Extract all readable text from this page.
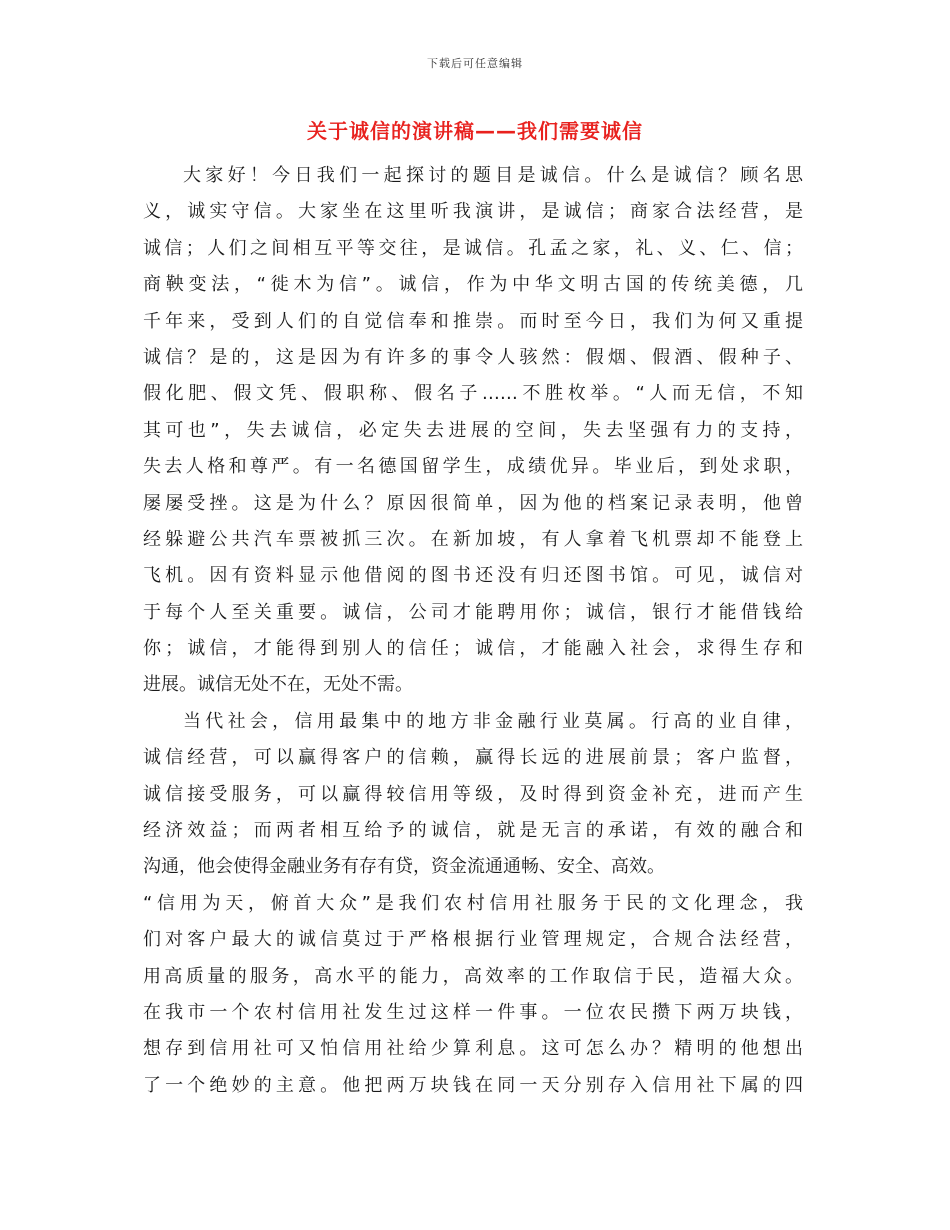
下载后可任意编辑
关于诚信的演讲稿——我们需要诚信
大家好！今日我们一起探讨的题目是诚信。什么是诚信？顾名思
义，诚实守信。大家坐在这里听我演讲，是诚信；商家合法经营，是
诚信；人们之间相互平等交往，是诚信。孔孟之家，礼、义、仁、信；
商鞅变法，“徙木为信”。诚信，作为中华文明古国的传统美德，几
千年来，受到人们的自觉信奉和推崇。而时至今日，我们为何又重提
诚信？是的，这是因为有许多的事令人骇然：假烟、假酒、假种子、
假化肥、假文凭、假职称、假名子……不胜枚举。“人而无信，不知
其可也”，失去诚信，必定失去进展的空间，失去坚强有力的支持，
失去人格和尊严。有一名德国留学生，成绩优异。毕业后，到处求职，
屡屡受挫。这是为什么？原因很简单，因为他的档案记录表明，他曾
经躲避公共汽车票被抓三次。在新加坡，有人拿着飞机票却不能登上
飞机。因有资料显示他借阅的图书还没有归还图书馆。可见，诚信对
于每个人至关重要。诚信，公司才能聘用你；诚信，银行才能借钱给
你；诚信，才能得到别人的信任；诚信，才能融入社会，求得生存和
进展。诚信无处不在，无处不需。
当代社会，信用最集中的地方非金融行业莫属。行高的业自律，
诚信经营，可以赢得客户的信赖，赢得长远的进展前景；客户监督，
诚信接受服务，可以赢得较信用等级，及时得到资金补充，进而产生
经济效益；而两者相互给予的诚信，就是无言的承诺，有效的融合和
沟通，他会使得金融业务有存有贷，资金流通通畅、安全、高效。
“信用为天，俯首大众”是我们农村信用社服务于民的文化理念，我
们对客户最大的诚信莫过于严格根据行业管理规定，合规合法经营，
用高质量的服务，高水平的能力，高效率的工作取信于民，造福大众。
在我市一个农村信用社发生过这样一件事。一位农民攒下两万块钱，
想存到信用社可又怕信用社给少算利息。这可怎么办？精明的他想出
了一个绝妙的主意。他把两万块钱在同一天分别存入信用社下属的四
